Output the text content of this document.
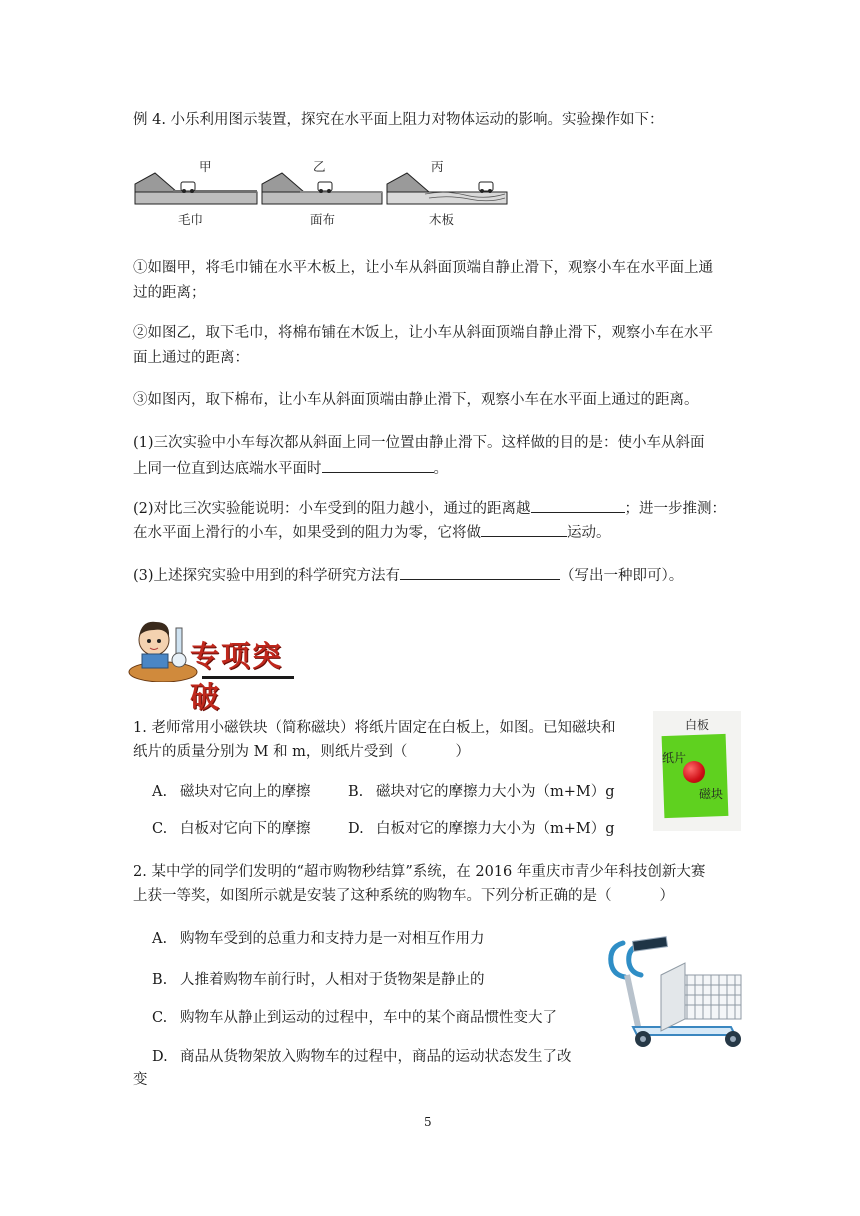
例 4. 小乐利用图示装置，探究在水平面上阻力对物体运动的影响。实验操作如下：
甲	乙	丙
毛巾	面布	木板
①如圈甲，将毛巾铺在水平木板上，让小车从斜面顶端自静止滑下，观察小车在水平面上通
过的距离；
②如图乙，取下毛巾，将棉布铺在木饭上，让小车从斜面顶端自静止滑下，观察小车在水平
面上通过的距离：
③如图丙，取下棉布，让小车从斜面顶端由静止滑下，观察小车在水平面上通过的距离。
(1)三次实验中小车每次都从斜面上同一位置由静止滑下。这样做的目的是：使小车从斜面
上同一位直到达底端水平面时	。
(2)对比三次实验能说明：小车受到的阻力越小，通过的距离越	；进一步推测：
在水平面上滑行的小车，如果受到的阻力为零，它将做	运动。
(3)上述探究实验中用到的科学研究方法有	（写出一种即可）。
专项突破
1. 老师常用小磁铁块（简称磁块）将纸片固定在白板上，如图。已知磁块和
纸片的质量分别为 M 和 m，则纸片受到（	）
A. 磁块对它向上的摩擦	B. 磁块对它的摩擦力大小为（m+M）g
C. 白板对它向下的摩擦	D. 白板对它的摩擦力大小为（m+M）g
白板
纸片
磁块
2. 某中学的同学们发明的“超市购物秒结算”系统，在 2016 年重庆市青少年科技创新大赛
上获一等奖，如图所示就是安装了这种系统的购物车。下列分析正确的是（	）
A. 购物车受到的总重力和支持力是一对相互作用力
B. 人推着购物车前行时，人相对于货物架是静止的
C. 购物车从静止到运动的过程中，车中的某个商品惯性变大了
D. 商品从货物架放入购物车的过程中，商品的运动状态发生了改
变
5
